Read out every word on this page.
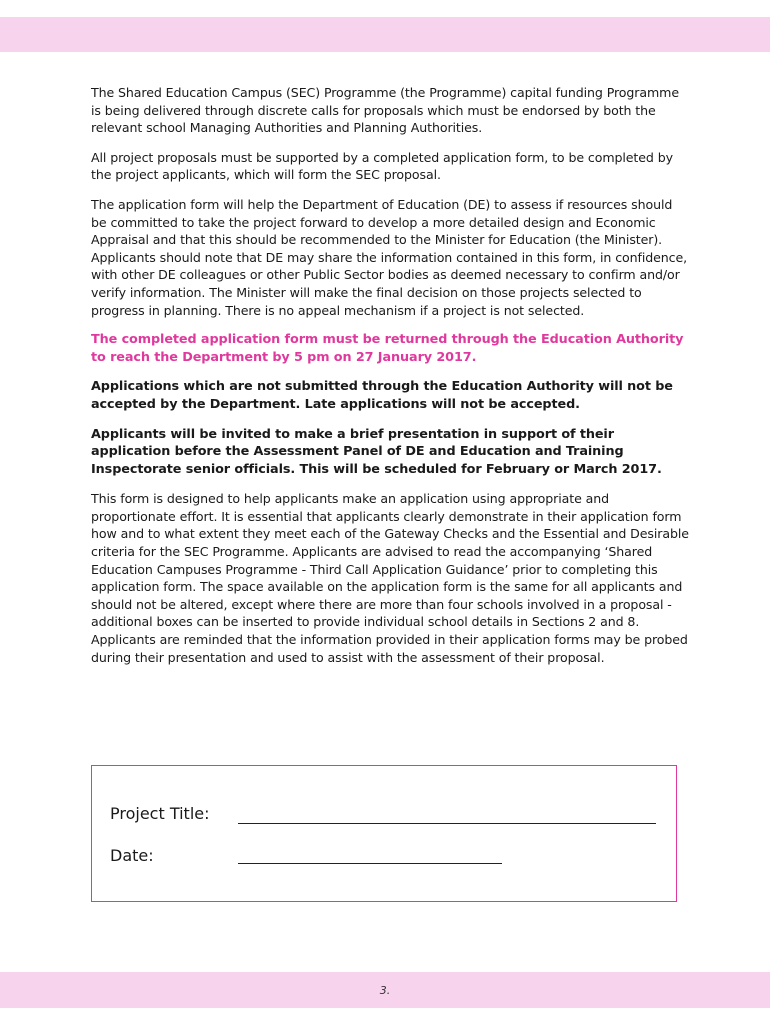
The Shared Education Campus (SEC) Programme (the Programme) capital funding Programme is being delivered through discrete calls for proposals which must be endorsed by both the relevant school Managing Authorities and Planning Authorities.

All project proposals must be supported by a completed application form, to be completed by the project applicants, which will form the SEC proposal.

The application form will help the Department of Education (DE) to assess if resources should be committed to take the project forward to develop a more detailed design and Economic Appraisal and that this should be recommended to the Minister for Education (the Minister). Applicants should note that DE may share the information contained in this form, in confidence, with other DE colleagues or other Public Sector bodies as deemed necessary to confirm and/or verify information. The Minister will make the final decision on those projects selected to progress in planning. There is no appeal mechanism if a project is not selected.

The completed application form must be returned through the Education Authority to reach the Department by 5 pm on 27 January 2017.

Applications which are not submitted through the Education Authority will not be accepted by the Department. Late applications will not be accepted.

Applicants will be invited to make a brief presentation in support of their application before the Assessment Panel of DE and Education and Training Inspectorate senior officials. This will be scheduled for February or March 2017.

This form is designed to help applicants make an application using appropriate and proportionate effort. It is essential that applicants clearly demonstrate in their application form how and to what extent they meet each of the Gateway Checks and the Essential and Desirable criteria for the SEC Programme. Applicants are advised to read the accompanying ‘Shared Education Campuses Programme - Third Call Application Guidance’ prior to completing this application form. The space available on the application form is the same for all applicants and should not be altered, except where there are more than four schools involved in a proposal - additional boxes can be inserted to provide individual school details in Sections 2 and 8. Applicants are reminded that the information provided in their application forms may be probed during their presentation and used to assist with the assessment of their proposal.

Project Title:
Date:
3.
